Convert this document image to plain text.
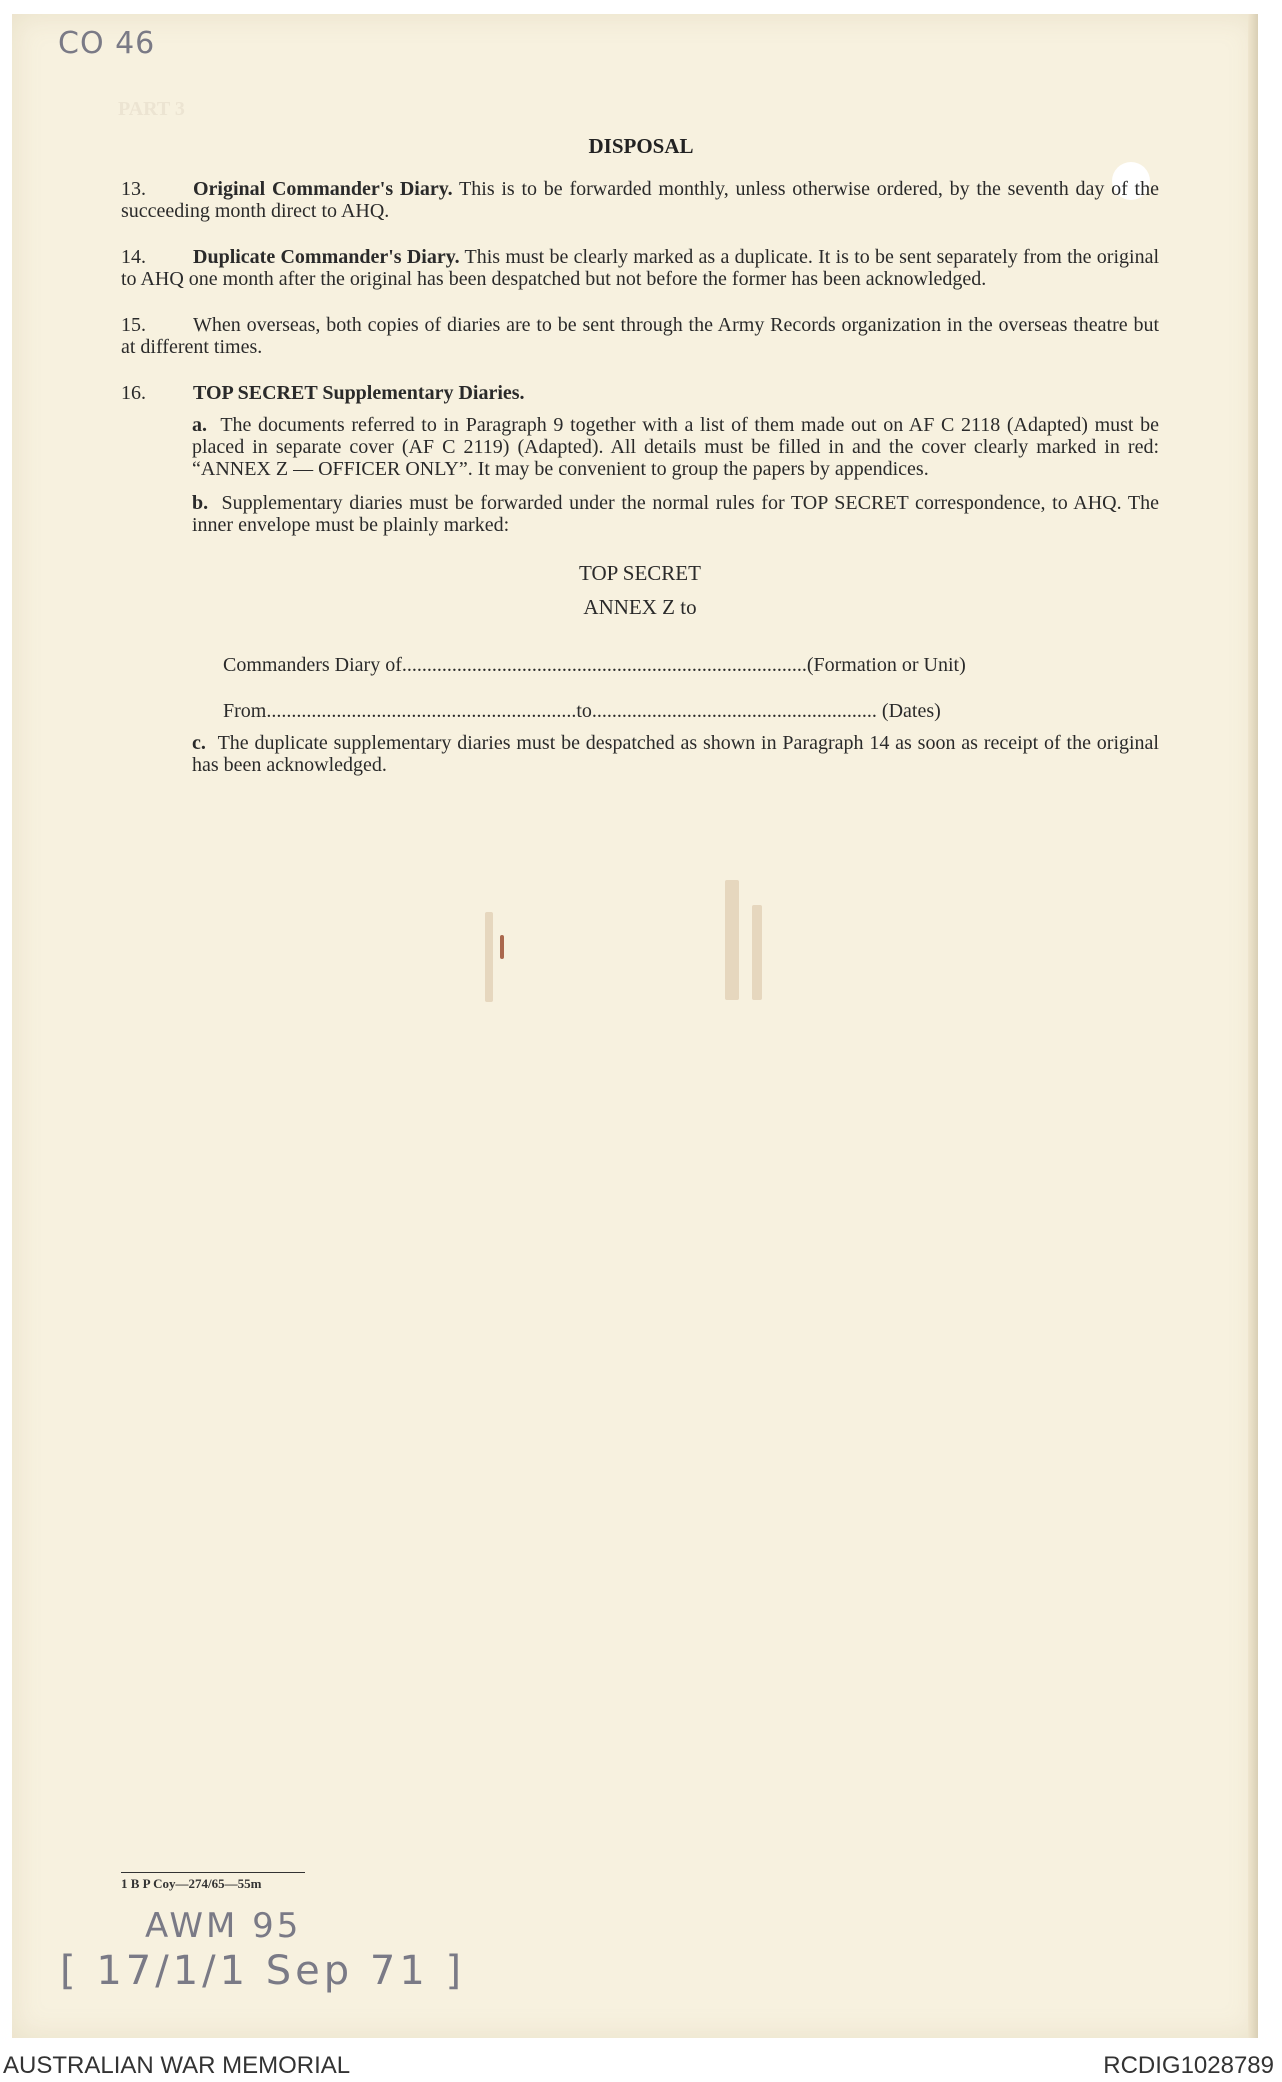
CO 46
PART 3
DISPOSAL

13. Original Commander's Diary. This is to be forwarded monthly, unless otherwise ordered, by the seventh day of the succeeding month direct to AHQ.

14. Duplicate Commander's Diary. This must be clearly marked as a duplicate. It is to be sent separately from the original to AHQ one month after the original has been despatched but not before the former has been acknowledged.

15. When overseas, both copies of diaries are to be sent through the Army Records organization in the overseas theatre but at different times.

16. TOP SECRET Supplementary Diaries.

a. The documents referred to in Paragraph 9 together with a list of them made out on AF C 2118 (Adapted) must be placed in separate cover (AF C 2119) (Adapted). All details must be filled in and the cover clearly marked in red: “ANNEX Z — OFFICER ONLY”. It may be convenient to group the papers by appendices.

b. Supplementary diaries must be forwarded under the normal rules for TOP SECRET correspondence, to AHQ. The inner envelope must be plainly marked:

TOP SECRET

ANNEX Z to

Commanders Diary of.................................................................................(Formation or Unit)

From..............................................................to......................................................... (Dates)

c. The duplicate supplementary diaries must be despatched as shown in Paragraph 14 as soon as receipt of the original has been acknowledged.

1 B P Coy—274/65—55m
AWM 95
[ 17/1/1 Sep 71 ]
AUSTRALIAN WAR MEMORIAL	RCDIG1028789
